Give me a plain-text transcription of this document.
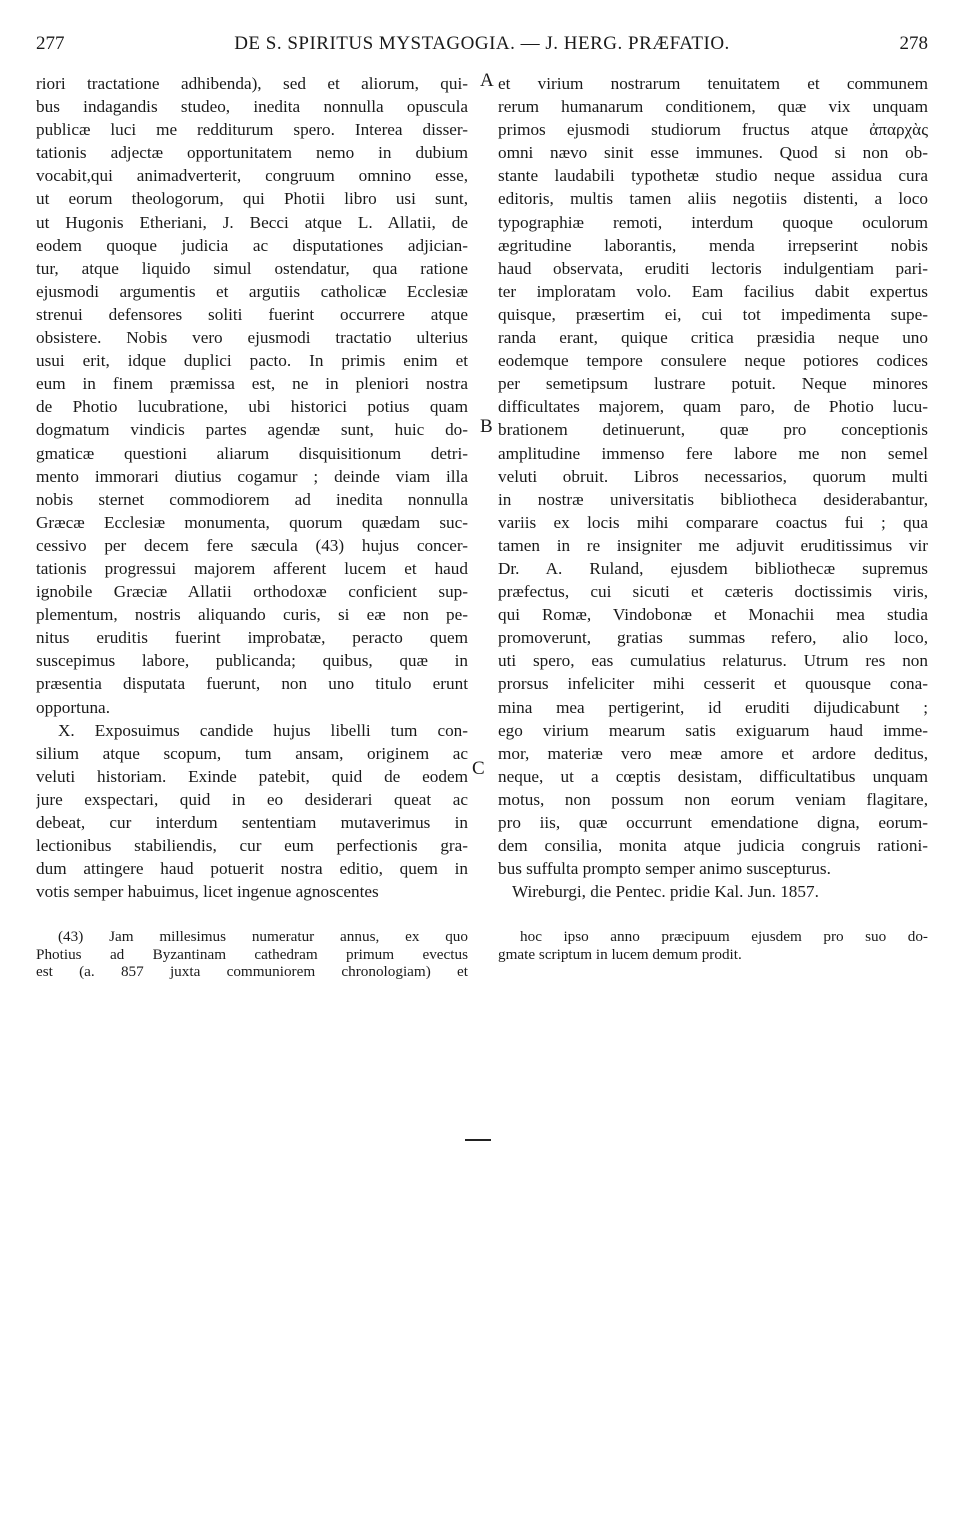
277	DE S. SPIRITUS MYSTAGOGIA. — J. HERG. PRÆFATIO.	278
riori tractatione adhibenda), sed et aliorum, qui-
bus indagandis studeo, inedita nonnulla opuscula
publicæ luci me redditurum spero. Interea disser-
tationis adjectæ opportunitatem nemo in dubium
vocabit,qui animadverterit, congruum omnino esse,
ut eorum theologorum, qui Photii libro usi sunt,
ut Hugonis Etheriani, J. Becci atque L. Allatii, de
eodem quoque judicia ac disputationes adjician-
tur, atque liquido simul ostendatur, qua ratione
ejusmodi argumentis et argutiis catholicæ Ecclesiæ
strenui defensores soliti fuerint occurrere atque
obsistere. Nobis vero ejusmodi tractatio ulterius
usui erit, idque duplici pacto. In primis enim et
eum in finem præmissa est, ne in pleniori nostra
de Photio lucubratione, ubi historici potius quam
dogmatum vindicis partes agendæ sunt, huic do-
gmaticæ questioni aliarum disquisitionum detri-
mento immorari diutius cogamur ; deinde viam illa
nobis sternet commodiorem ad inedita nonnulla
Græcæ Ecclesiæ monumenta, quorum quædam suc-
cessivo per decem fere sæcula (43) hujus concer-
tationis progressui majorem afferent lucem et haud
ignobile Græciæ Allatii orthodoxæ conficient sup-
plementum, nostris aliquando curis, si eæ non pe-
nitus eruditis fuerint improbatæ, peracto quem
suscepimus labore, publicanda; quibus, quæ in
præsentia disputata fuerunt, non uno titulo erunt
opportuna.
X. Exposuimus candide hujus libelli tum con-
silium atque scopum, tum ansam, originem ac
veluti historiam. Exinde patebit, quid de eodem
jure exspectari, quid in eo desiderari queat ac
debeat, cur interdum sententiam mutaverimus in
lectionibus stabiliendis, cur eum perfectionis gra-
dum attingere haud potuerit nostra editio, quem in
votis semper habuimus, licet ingenue agnoscentes
et virium nostrarum tenuitatem et communem
rerum humanarum conditionem, quæ vix unquam
primos ejusmodi studiorum fructus atque ἀπαρχὰς
omni nævo sinit esse immunes. Quod si non ob-
stante laudabili typothetæ studio neque assidua cura
editoris, multis tamen aliis negotiis distenti, a loco
typographiæ remoti, interdum quoque oculorum
ægritudine laborantis, menda irrepserint nobis
haud observata, eruditi lectoris indulgentiam pari-
ter imploratam volo. Eam facilius dabit expertus
quisque, præsertim ei, cui tot impedimenta supe-
randa erant, quique critica præsidia neque uno
eodemque tempore consulere neque potiores codices
per semetipsum lustrare potuit. Neque minores
difficultates majorem, quam paro, de Photio lucu-
brationem detinuerunt, quæ pro conceptionis
amplitudine immenso fere labore me non semel
veluti obruit. Libros necessarios, quorum multi
in nostræ universitatis bibliotheca desiderabantur,
variis ex locis mihi comparare coactus fui ; qua
tamen in re insigniter me adjuvit eruditissimus vir
Dr. A. Ruland, ejusdem bibliothecæ supremus
præfectus, cui sicuti et cæteris doctissimis viris,
qui Romæ, Vindobonæ et Monachii mea studia
promoverunt, gratias summas refero, alio loco,
uti spero, eas cumulatius relaturus. Utrum res non
prorsus infeliciter mihi cesserit et quousque cona-
mina mea pertigerint, id eruditi dijudicabunt ;
ego virium mearum satis exiguarum haud imme-
mor, materiæ vero meæ amore et ardore deditus,
neque, ut a cœptis desistam, difficultatibus unquam
motus, non possum non eorum veniam flagitare,
pro iis, quæ occurrunt emendatione digna, eorum-
dem consilia, monita atque judicia congruis rationi-
bus suffulta prompto semper animo suscepturus.
Wireburgi, die Pentec. pridie Kal. Jun. 1857.
A
B
C
(43) Jam millesimus numeratur annus, ex quo
Photius ad Byzantinam cathedram primum evectus
est (a. 857 juxta communiorem chronologiam) et
hoc ipso anno præcipuum ejusdem pro suo do-
gmate scriptum in lucem demum prodit.
